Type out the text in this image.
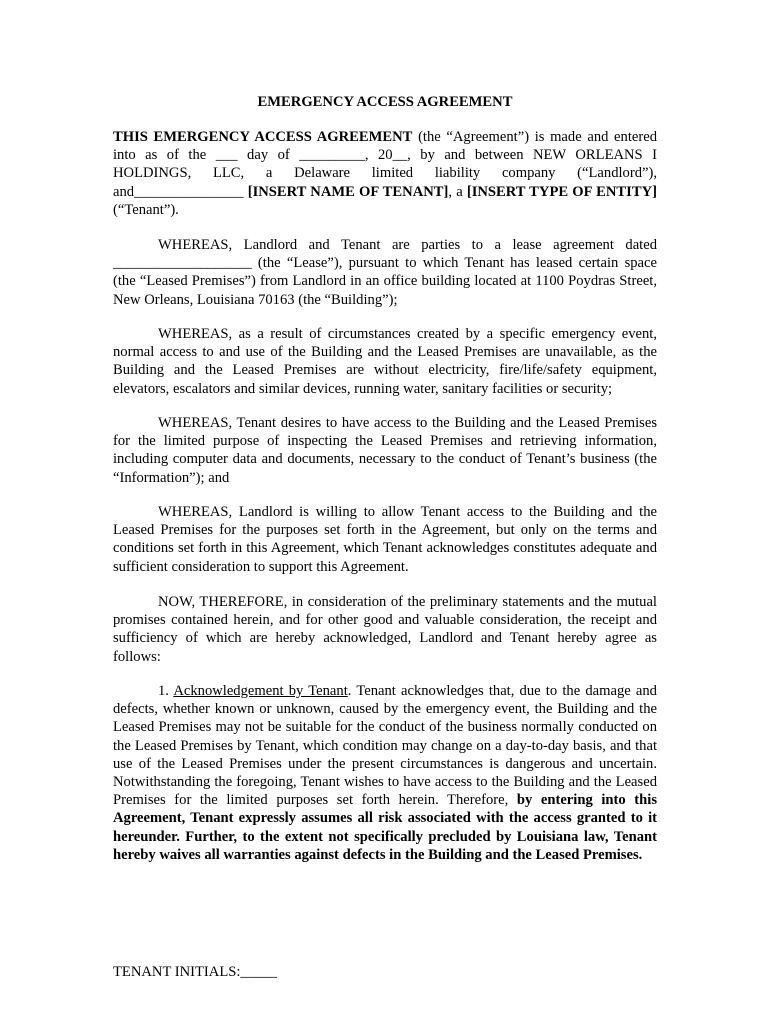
EMERGENCY ACCESS AGREEMENT

THIS EMERGENCY ACCESS AGREEMENT (the “Agreement”) is made and entered into as of the ___ day of _________, 20__, by and between NEW ORLEANS I HOLDINGS, LLC, a Delaware limited liability company (“Landlord”), and_______________ [INSERT NAME OF TENANT], a [INSERT TYPE OF ENTITY] (“Tenant”).

WHEREAS, Landlord and Tenant are parties to a lease agreement dated ___________________ (the “Lease”), pursuant to which Tenant has leased certain space (the “Leased Premises”) from Landlord in an office building located at 1100 Poydras Street, New Orleans, Louisiana 70163 (the “Building”);

WHEREAS, as a result of circumstances created by a specific emergency event, normal access to and use of the Building and the Leased Premises are unavailable, as the Building and the Leased Premises are without electricity, fire/life/safety equipment, elevators, escalators and similar devices, running water, sanitary facilities or security;

WHEREAS, Tenant desires to have access to the Building and the Leased Premises for the limited purpose of inspecting the Leased Premises and retrieving information, including computer data and documents, necessary to the conduct of Tenant’s business (the “Information”); and

WHEREAS, Landlord is willing to allow Tenant access to the Building and the Leased Premises for the purposes set forth in the Agreement, but only on the terms and conditions set forth in this Agreement, which Tenant acknowledges constitutes adequate and sufficient consideration to support this Agreement.

NOW, THEREFORE, in consideration of the preliminary statements and the mutual promises contained herein, and for other good and valuable consideration, the receipt and sufficiency of which are hereby acknowledged, Landlord and Tenant hereby agree as follows:

1. Acknowledgement by Tenant. Tenant acknowledges that, due to the damage and defects, whether known or unknown, caused by the emergency event, the Building and the Leased Premises may not be suitable for the conduct of the business normally conducted on the Leased Premises by Tenant, which condition may change on a day-to-day basis, and that use of the Leased Premises under the present circumstances is dangerous and uncertain. Notwithstanding the foregoing, Tenant wishes to have access to the Building and the Leased Premises for the limited purposes set forth herein. Therefore, by entering into this Agreement, Tenant expressly assumes all risk associated with the access granted to it hereunder. Further, to the extent not specifically precluded by Louisiana law, Tenant hereby waives all warranties against defects in the Building and the Leased Premises.

TENANT INITIALS:_____
